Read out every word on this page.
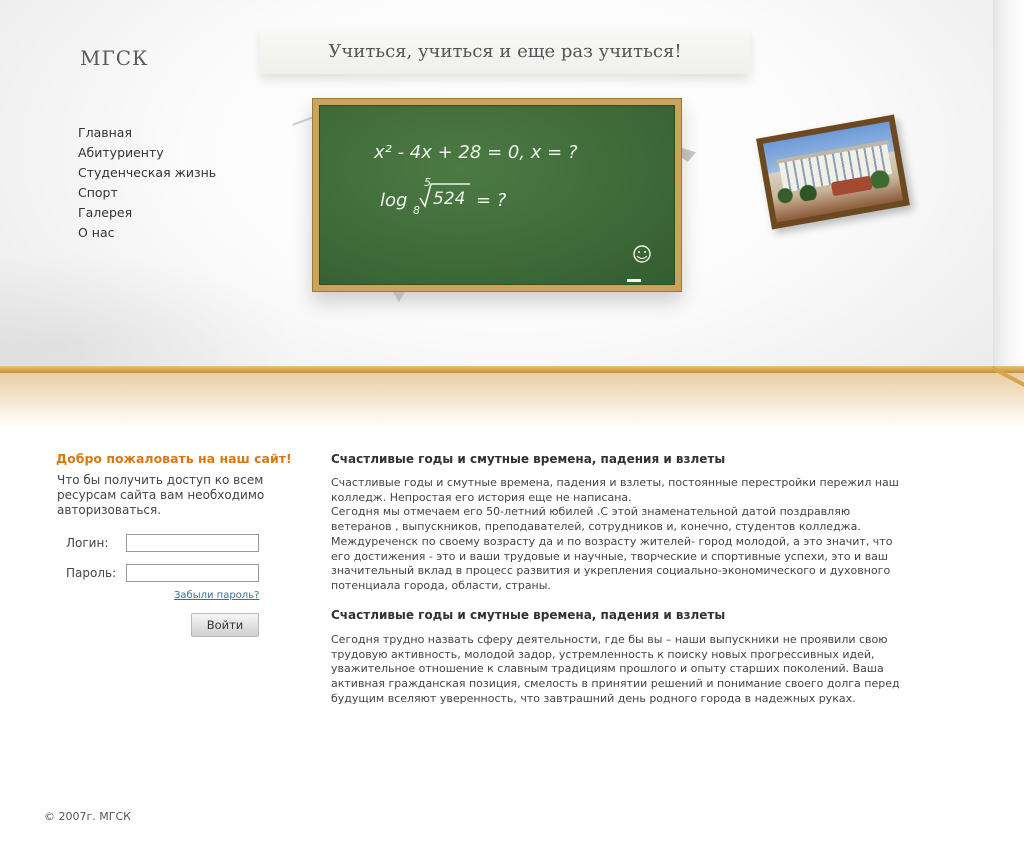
МГСК	Учиться, учиться и еще раз учиться!
Главная
Абитуриенту
Студенческая жизнь
Спорт
Галерея
О нас
x² - 4x + 28 = 0, x = ?
log 8
5
524 = ?
Добро пожаловать на наш сайт!
Что бы получить доступ ко всем ресурсам сайта вам необходимо авторизоваться.
Логин:
Пароль:
Забыли пароль?
Войти
Счастливые годы и смутные времена, падения и взлеты
Счастливые годы и смутные времена, падения и взлеты, постоянные перестройки пережил наш колледж. Непростая его история еще не написана.
Сегодня мы отмечаем его 50-летний юбилей .С этой знаменательной датой поздравляю ветеранов , выпускников, преподавателей, сотрудников и, конечно, студентов колледжа. Междуреченск по своему возрасту да и по возрасту жителей- город молодой, а это значит, что его достижения - это и ваши трудовые и научные, творческие и спортивные успехи, это и ваш значительный вклад в процесс развития и укрепления социально-экономического и духовного потенциала города, области, страны.
Счастливые годы и смутные времена, падения и взлеты
Сегодня трудно назвать сферу деятельности, где бы вы – наши выпускники не проявили свою трудовую активность, молодой задор, устремленность к поиску новых прогрессивных идей, уважительное отношение к славным традициям прошлого и опыту старших поколений. Ваша активная гражданская позиция, смелость в принятии решений и понимание своего долга перед будущим вселяют уверенность, что завтрашний день родного города в надежных руках.
© 2007г. МГСК
